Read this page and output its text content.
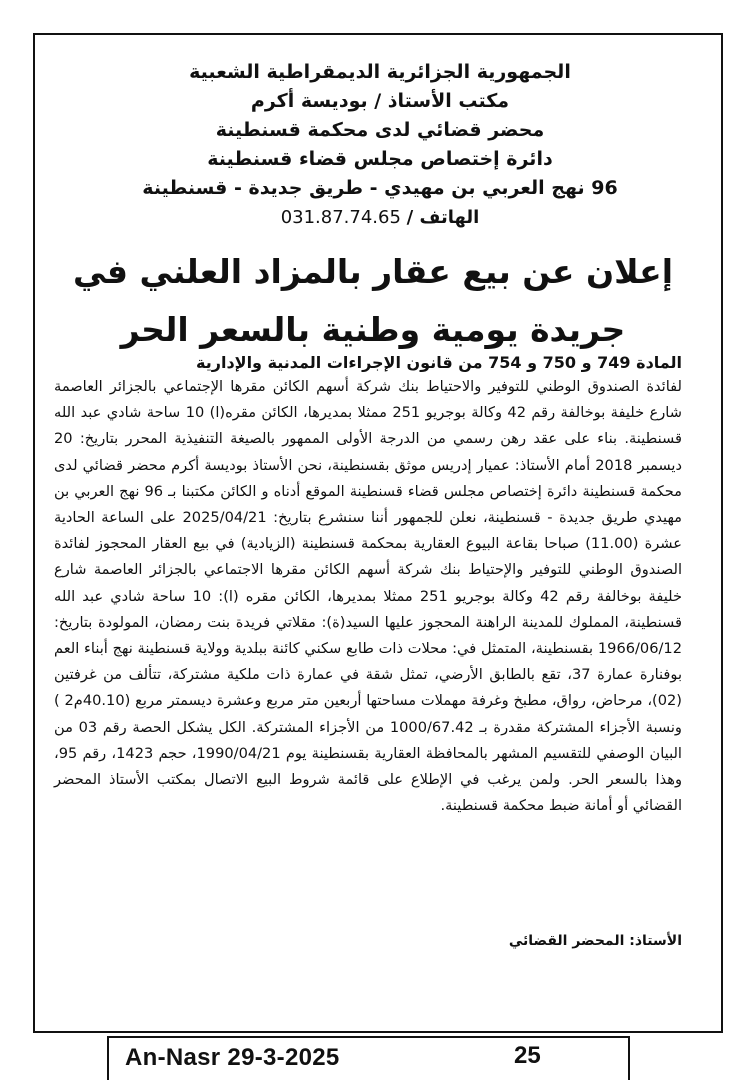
الجمهورية الجزائرية الديمقراطية الشعبية
مكتب الأستاذ / بوديسة أكرم
محضر قضائي لدى محكمة قسنطينة
دائرة إختصاص مجلس قضاء قسنطينة
96 نهج العربي بن مهيدي - طريق جديدة - قسنطينة
الهاتف / 031.87.74.65
إعلان عن بيع عقار بالمزاد العلني في جريدة يومية وطنية بالسعر الحر
المادة 749 و 750 و 754 من قانون الإجراءات المدنية والإدارية
لفائدة الصندوق الوطني للتوفير والاحتياط بنك شركة أسهم الكائن مقرها الإجتماعي بالجزائر العاصمة شارع خليفة بوخالفة رقم 42 وكالة بوجريو 251 ممثلا بمديرها، الكائن مقره(ا) 10 ساحة شادي عبد الله قسنطينة. بناء على عقد رهن رسمي من الدرجة الأولى الممهور بالصيغة التنفيذية المحرر بتاريخ: 20 ديسمبر 2018 أمام الأستاذ: عميار إدريس موثق بقسنطينة، نحن الأستاذ بوديسة أكرم محضر قضائي لدى محكمة قسنطينة دائرة إختصاص مجلس قضاء قسنطينة الموقع أدناه و الكائن مكتبنا بـ 96 نهج العربي بن مهيدي طريق جديدة - قسنطينة، نعلن للجمهور أننا سنشرع بتاريخ: 2025/04/21 على الساعة الحادية عشرة (11.00) صباحا بقاعة البيوع العقارية بمحكمة قسنطينة (الزيادية) في بيع العقار المحجوز لفائدة الصندوق الوطني للتوفير والإحتياط بنك شركة أسهم الكائن مقرها الاجتماعي بالجزائر العاصمة شارع خليفة بوخالفة رقم 42 وكالة بوجريو 251 ممثلا بمديرها، الكائن مقره (ا): 10 ساحة شادي عبد الله قسنطينة، المملوك للمدينة الراهنة المحجوز عليها السيد(ة): مقلاتي فريدة بنت رمضان، المولودة بتاريخ: 1966/06/12 بقسنطينة، المتمثل في: محلات ذات طابع سكني كائنة ببلدية وولاية قسنطينة نهج أبناء العم بوفنارة عمارة 37، تقع بالطابق الأرضي، تمثل شقة في عمارة ذات ملكية مشتركة، تتألف من غرفتين (02)، مرحاض، رواق، مطبخ وغرفة مهملات مساحتها أربعين متر مربع وعشرة ديسمتر مربع (40.10م2 ) ونسبة الأجزاء المشتركة مقدرة بـ 1000/67.42 من الأجزاء المشتركة. الكل يشكل الحصة رقم 03 من البيان الوصفي للتقسيم المشهر بالمحافظة العقارية بقسنطينة يوم 1990/04/21، حجم 1423، رقم 95، وهذا بالسعر الحر. ولمن يرغب في الإطلاع على قائمة شروط البيع الاتصال بمكتب الأستاذ المحضر القضائي أو أمانة ضبط محكمة قسنطينة.
الأستاذ: المحضر القضائي
An-Nasr 29-3-2025	25
